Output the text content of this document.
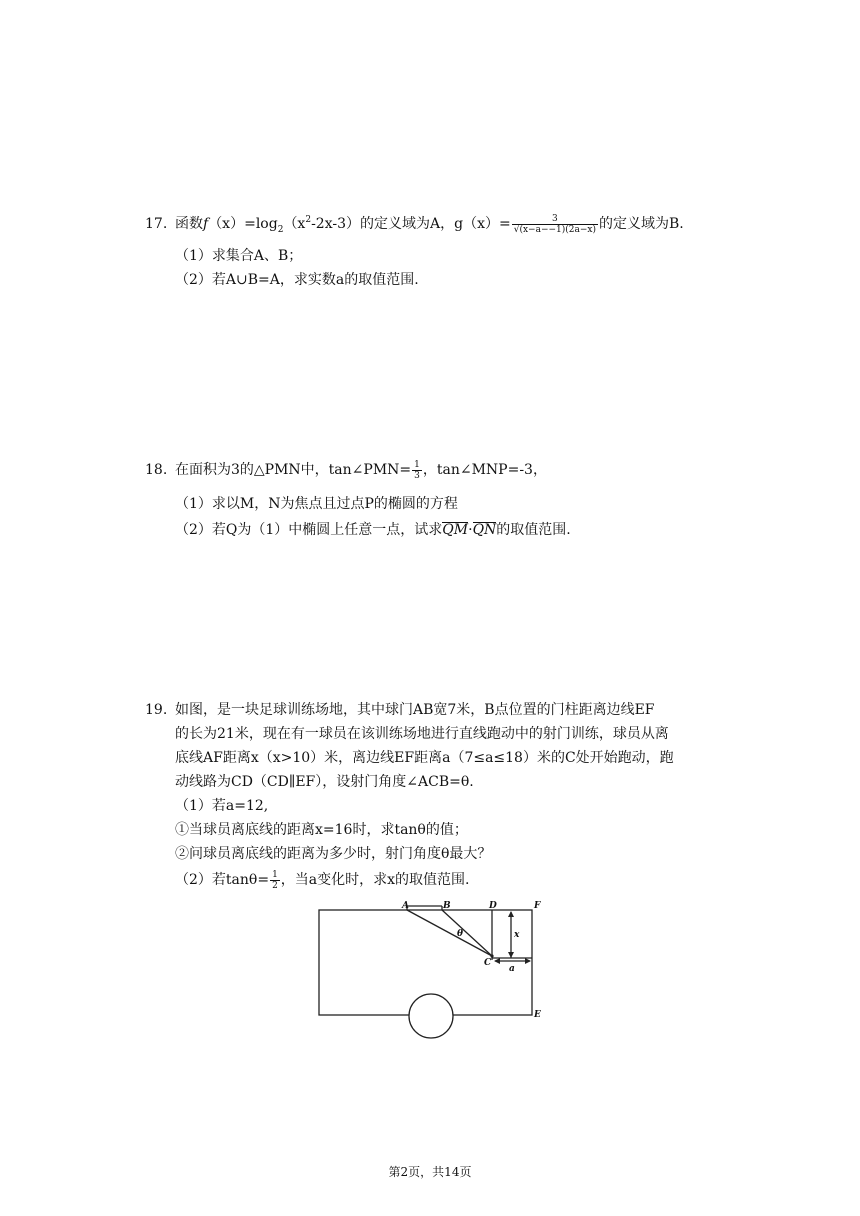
17. 函数$f(x)=\log_2(x^2-2x-3)$的定义域为A，$g(x)= \frac{3}{√(x-a--1)(2a-x)}$ 的定义域为B.
（1）求集合A、B；
（2）若A∪B=A，求实数a的取值范围.
18. 在面积为3的△PMN中，tan∠PMN= $\frac{1}{3}$ ，tan∠MNP=-3，
（1）求以M，N为焦点且过点P的椭圆的方程
（2）若Q为（1）中椭圆上任意一点，试求QM·QN的取值范围.
19. 如图，是一块足球训练场地，其中球门AB宽7米，B点位置的门柱距离边线EF
的长为21米，现在有一球员在该训练场地进行直线跑动中的射门训练，球员从离
底线AF距离x（x>10）米，离边线EF距离a（7≤a≤18）米的C处开始跑动，跑
动线路为CD（CD∥EF），设射门角度∠ACB=θ.
（1）若a=12,
①当球员离底线的距离x=16时，求tanθ的值；
②问球员离底线的距离为多少时，射门角度θ最大？
（2）若$\tan\theta= \frac{1}{2}$ ，当a变化时，求x的取值范围.
A	B	D	F
C
E
θ	x
a
第2页，共14页
